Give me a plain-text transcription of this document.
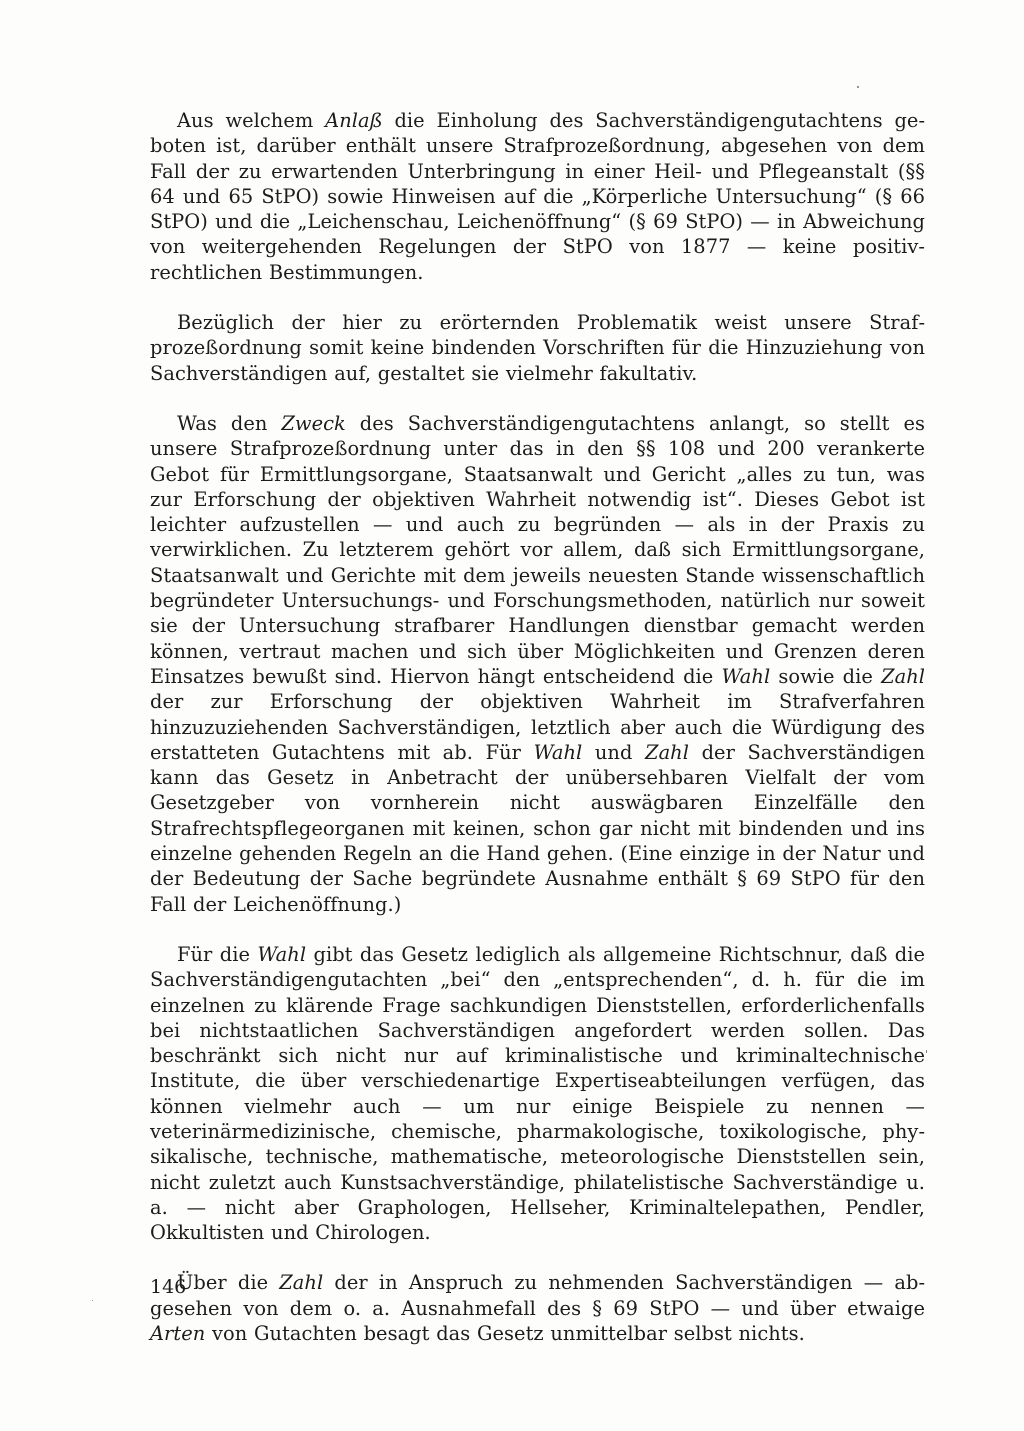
Aus welchem Anlaß die Einholung des Sachverständigengutachtens geboten ist, darüber enthält unsere Strafprozeßordnung, abgesehen von dem Fall der zu erwartenden Unterbringung in einer Heil- und Pflegeanstalt (§§ 64 und 65 StPO) sowie Hinweisen auf die „Körperliche Untersuchung“ (§ 66 StPO) und die „Leichenschau, Leichenöffnung“ (§ 69 StPO) — in Abweichung von weitergehenden Regelungen der StPO von 1877 — keine positiv-rechtlichen Bestimmungen.

Bezüglich der hier zu erörternden Problematik weist unsere Strafprozeßordnung somit keine bindenden Vorschriften für die Hinzuziehung von Sachverständigen auf, gestaltet sie vielmehr fakultativ.

Was den Zweck des Sachverständigengutachtens anlangt, so stellt es unsere Strafprozeßordnung unter das in den §§ 108 und 200 verankerte Gebot für Ermittlungsorgane, Staatsanwalt und Gericht „alles zu tun, was zur Erforschung der objektiven Wahrheit notwendig ist“. Dieses Gebot ist leichter aufzustellen — und auch zu begründen — als in der Praxis zu verwirklichen. Zu letzterem gehört vor allem, daß sich Ermittlungsorgane, Staatsanwalt und Gerichte mit dem jeweils neuesten Stande wissenschaftlich begründeter Untersuchungs- und Forschungsmethoden, natürlich nur soweit sie der Untersuchung strafbarer Handlungen dienstbar gemacht werden können, vertraut machen und sich über Möglichkeiten und Grenzen deren Einsatzes bewußt sind. Hiervon hängt entscheidend die Wahl sowie die Zahl der zur Erforschung der objektiven Wahrheit im Strafverfahren hinzuzuziehenden Sachverständigen, letztlich aber auch die Würdigung des erstatteten Gutachtens mit ab. Für Wahl und Zahl der Sachverständigen kann das Gesetz in Anbetracht der unübersehbaren Vielfalt der vom Gesetzgeber von vornherein nicht auswägbaren Einzelfälle den Strafrechtspflegeorganen mit keinen, schon gar nicht mit bindenden und ins einzelne gehenden Regeln an die Hand gehen. (Eine einzige in der Natur und der Bedeutung der Sache begründete Ausnahme enthält § 69 StPO für den Fall der Leichenöffnung.)

Für die Wahl gibt das Gesetz lediglich als allgemeine Richtschnur, daß die Sachverständigengutachten „bei“ den „entsprechenden“, d. h. für die im einzelnen zu klärende Frage sachkundigen Dienststellen, erforderlichenfalls bei nichtstaatlichen Sachverständigen angefordert werden sollen. Das beschränkt sich nicht nur auf kriminalistische und kriminaltechnische Institute, die über verschiedenartige Expertiseabteilungen verfügen, das können vielmehr auch — um nur einige Beispiele zu nennen — veterinärmedizinische, chemische, pharmakologische, toxikologische, physikalische, technische, mathematische, meteorologische Dienststellen sein, nicht zuletzt auch Kunstsachverständige, philatelistische Sachverständige u. a. — nicht aber Graphologen, Hellseher, Kriminaltelepathen, Pendler, Okkultisten und Chirologen.

Über die Zahl der in Anspruch zu nehmenden Sachverständigen — abgesehen von dem o. a. Ausnahmefall des § 69 StPO — und über etwaige Arten von Gutachten besagt das Gesetz unmittelbar selbst nichts.

146
